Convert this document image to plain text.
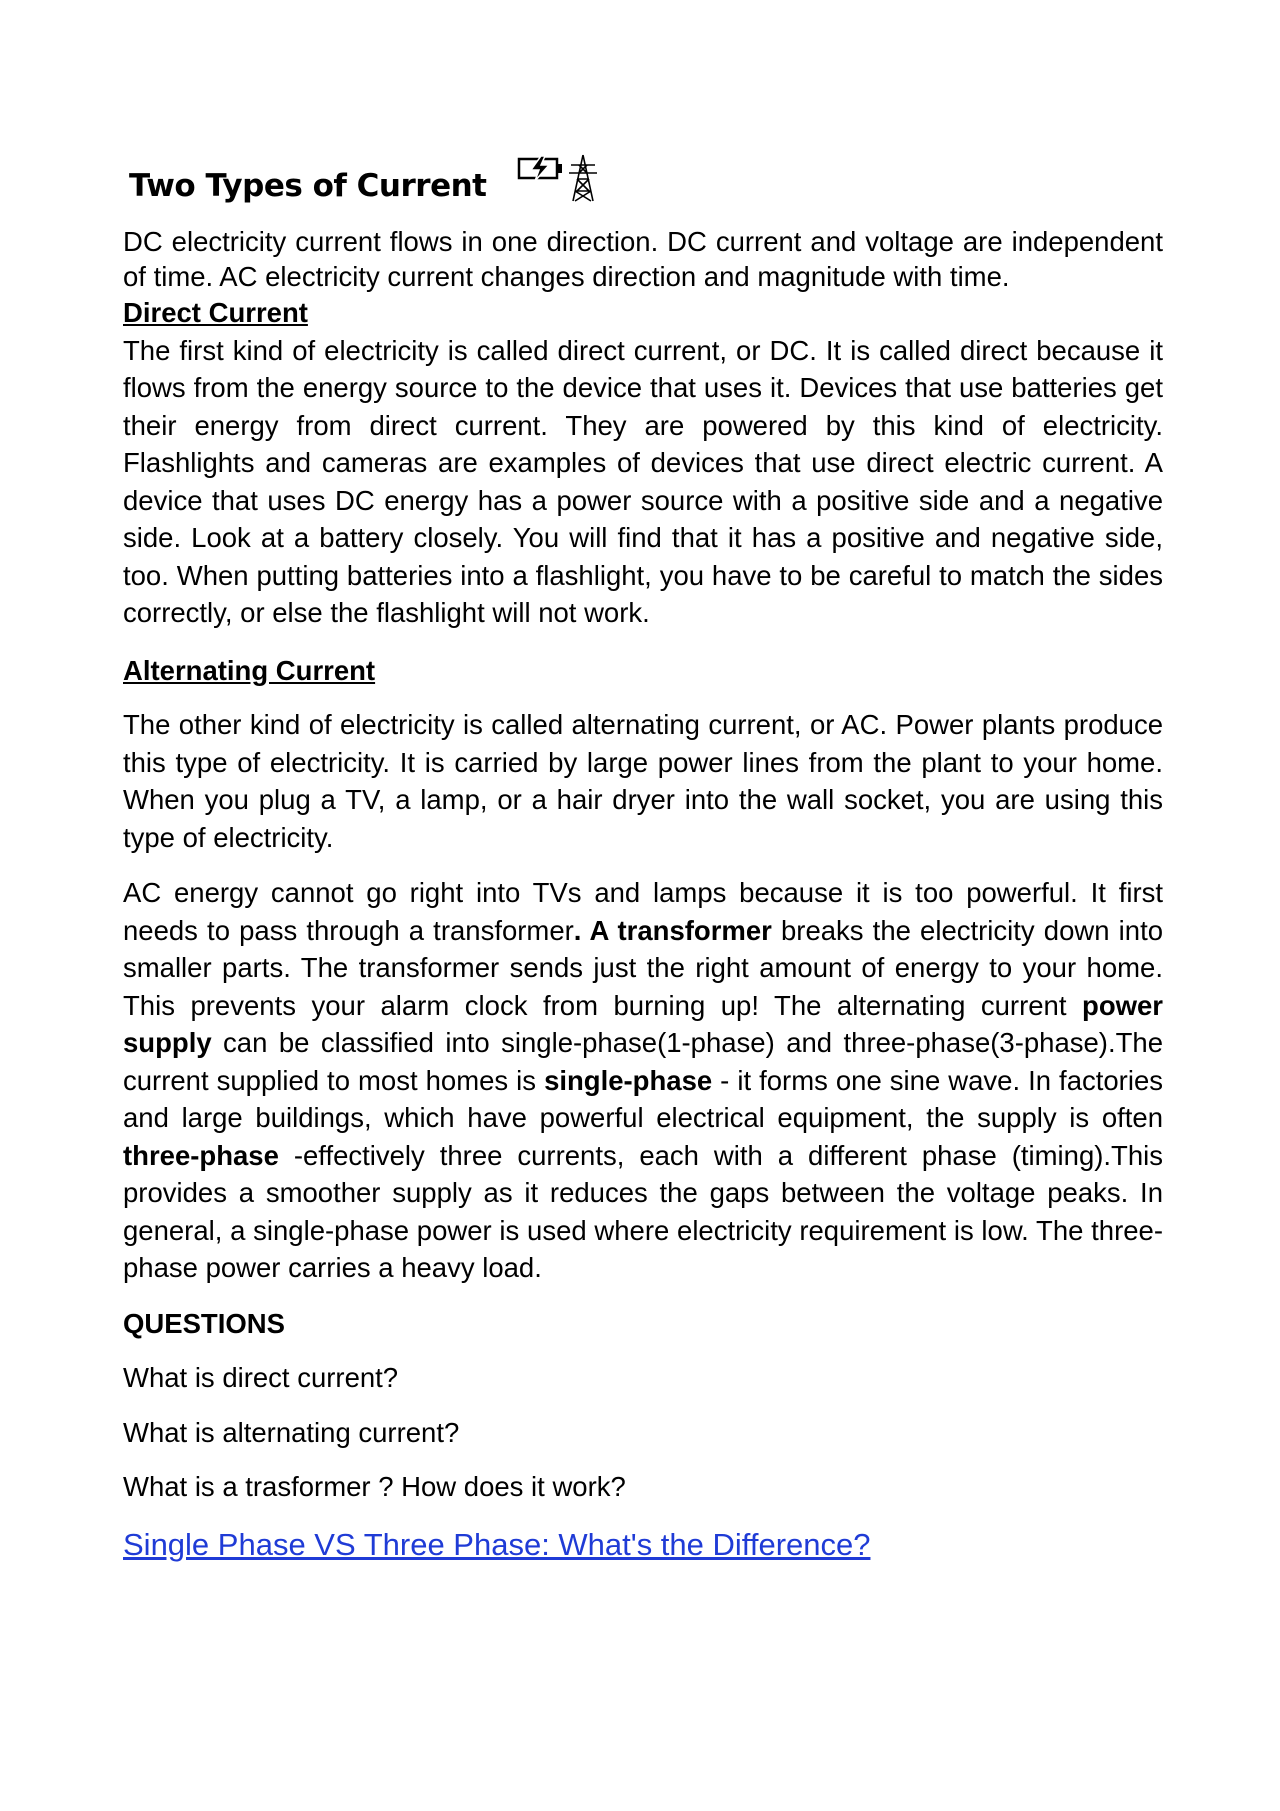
Two Types of Current

DC electricity current flows in one direction. DC current and voltage are independent of time. AC electricity current changes direction and magnitude with time.

Direct Current

The first kind of electricity is called direct current, or DC. It is called direct because it flows from the energy source to the device that uses it. Devices that use batteries get their energy from direct current. They are powered by this kind of electricity. Flashlights and cameras are examples of devices that use direct electric current. A device that uses DC energy has a power source with a positive side and a negative side. Look at a battery closely. You will find that it has a positive and negative side, too. When putting batteries into a flashlight, you have to be careful to match the sides correctly, or else the flashlight will not work.

Alternating Current

The other kind of electricity is called alternating current, or AC. Power plants produce this type of electricity. It is carried by large power lines from the plant to your home. When you plug a TV, a lamp, or a hair dryer into the wall socket, you are using this type of electricity.

AC energy cannot go right into TVs and lamps because it is too powerful. It first needs to pass through a transformer. A transformer breaks the electricity down into smaller parts. The transformer sends just the right amount of energy to your home. This prevents your alarm clock from burning up! The alternating current power supply can be classified into single-phase(1-phase) and three-phase(3-phase).The current supplied to most homes is single-phase - it forms one sine wave. In factories and large buildings, which have powerful electrical equipment, the supply is often three-phase -effectively three currents, each with a different phase (timing).This provides a smoother supply as it reduces the gaps between the voltage peaks. In general, a single-phase power is used where electricity requirement is low. The three-phase power carries a heavy load.

QUESTIONS

What is direct current?

What is alternating current?

What is a trasformer ? How does it work?

Single Phase VS Three Phase: What's the Difference?
